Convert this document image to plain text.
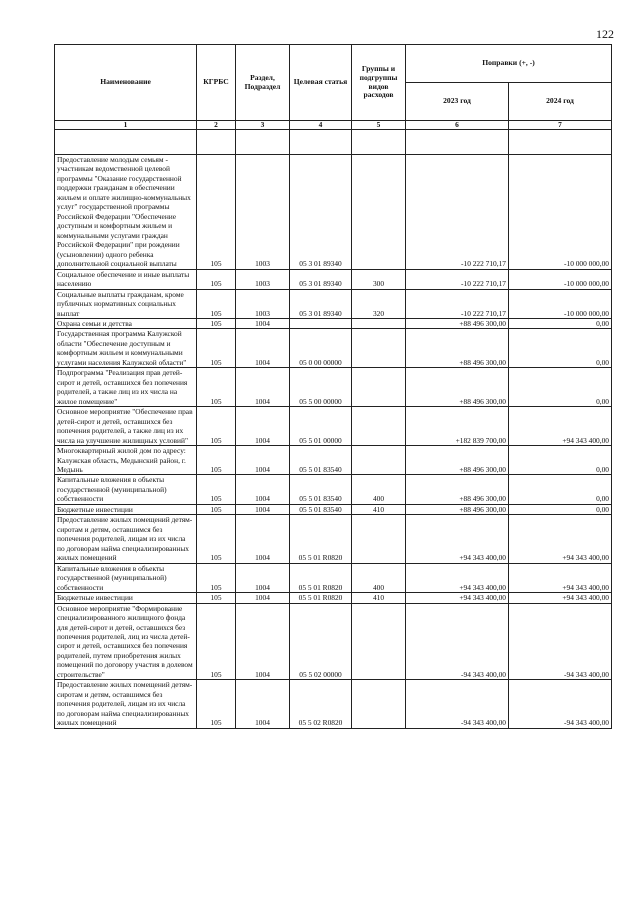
122
Наименование	КГРБС	Раздел, Подраздел	Целевая статья	Группы и подгруппы видов расходов	Поправки (+, -)	
					2023 год	2024 год
1	2	3	4	5	6	7

Предоставление молодым семьям - участникам ведомственной целевой программы "Оказание государственной поддержки гражданам в обеспечении жильем и оплате жилищно-коммунальных услуг" государственной программы Российской Федерации "Обеспечение доступным и комфортным жильем и коммунальными услугами граждан Российской Федерации" при рождении (усыновлении) одного ребенка дополнительной социальной выплаты	105	1003	05 3 01 89340		-10 222 710,17	-10 000 000,00
Социальное обеспечение и иные выплаты населению	105	1003	05 3 01 89340	300	-10 222 710,17	-10 000 000,00
Социальные выплаты гражданам, кроме публичных нормативных социальных выплат	105	1003	05 3 01 89340	320	-10 222 710,17	-10 000 000,00
Охрана семьи и детства	105	1004			+88 496 300,00	0,00
Государственная программа Калужской области "Обеспечение доступным и комфортным жильем и коммунальными услугами населения Калужской области"	105	1004	05 0 00 00000		+88 496 300,00	0,00
Подпрограмма "Реализация прав детей-сирот и детей, оставшихся без попечения родителей, а также лиц из их числа на жилое помещение"	105	1004	05 5 00 00000		+88 496 300,00	0,00
Основное мероприятие "Обеспечение прав детей-сирот и детей, оставшихся без попечения родителей, а также лиц из их числа на улучшение жилищных условий"	105	1004	05 5 01 00000		+182 839 700,00	+94 343 400,00
Многоквартирный жилой дом по адресу: Калужская область, Медынский район, г. Медынь	105	1004	05 5 01 83540		+88 496 300,00	0,00
Капитальные вложения в объекты государственной (муниципальной) собственности	105	1004	05 5 01 83540	400	+88 496 300,00	0,00
Бюджетные инвестиции	105	1004	05 5 01 83540	410	+88 496 300,00	0,00
Предоставление жилых помещений детям-сиротам и детям, оставшимся без попечения родителей, лицам из их числа по договорам найма специализированных жилых помещений	105	1004	05 5 01 R0820		+94 343 400,00	+94 343 400,00
Капитальные вложения в объекты государственной (муниципальной) собственности	105	1004	05 5 01 R0820	400	+94 343 400,00	+94 343 400,00
Бюджетные инвестиции	105	1004	05 5 01 R0820	410	+94 343 400,00	+94 343 400,00
Основное мероприятие "Формирование специализированного жилищного фонда для детей-сирот и детей, оставшихся без попечения родителей, лиц из числа детей-сирот и детей, оставшихся без попечения родителей, путем приобретения жилых помещений по договору участия в долевом строительстве"	105	1004	05 5 02 00000		-94 343 400,00	-94 343 400,00
Предоставление жилых помещений детям-сиротам и детям, оставшимся без попечения родителей, лицам из их числа по договорам найма специализированных жилых помещений	105	1004	05 5 02 R0820		-94 343 400,00	-94 343 400,00
